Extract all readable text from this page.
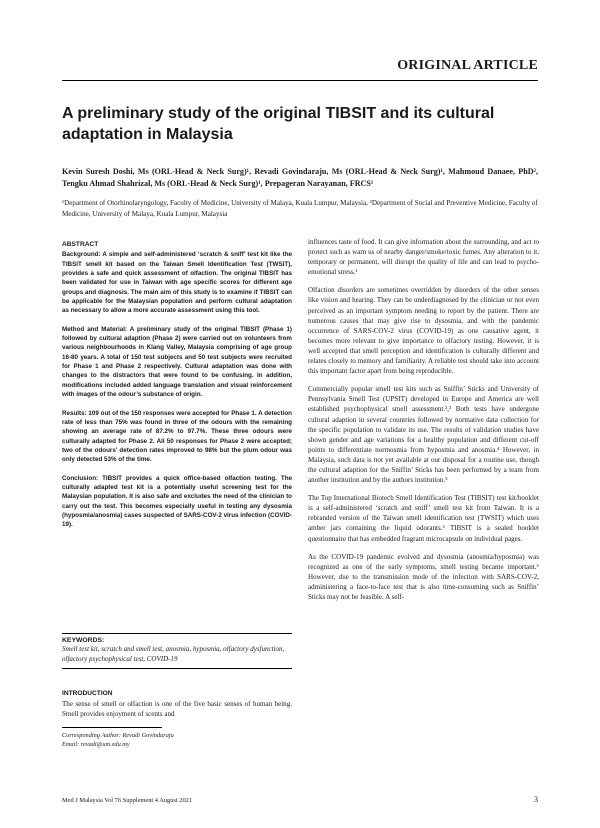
ORIGINAL ARTICLE
A preliminary study of the original TIBSIT and its cultural adaptation in Malaysia

Kevin Suresh Doshi, Ms (ORL-Head & Neck Surg)¹, Revadi Govindaraju, Ms (ORL-Head & Neck Surg)¹, Mahmoud Danaee, PhD², Tengku Ahmad Shahrizal, Ms (ORL-Head & Neck Surg)¹, Prepageran Narayanan, FRCS¹

¹Department of Otorhinolaryngology, Faculty of Medicine, University of Malaya, Kuala Lumpur, Malaysia, ²Department of Social and Preventive Medicine, Faculty of Medicine, University of Malaya, Kuala Lumpur, Malaysia

ABSTRACT

Background: A simple and self-administered ‘scratch & sniff’ test kit like the TIBSIT smell kit based on the Taiwan Smell Identification Test (TWSIT), provides a safe and quick assessment of olfaction. The original TIBSIT has been validated for use in Taiwan with age specific scores for different age groups and diagnosis. The main aim of this study is to examine if TIBSIT can be applicable for the Malaysian population and perform cultural adaptation as necessary to allow a more accurate assessment using this tool.

Method and Material: A preliminary study of the original TIBSIT (Phase 1) followed by cultural adaption (Phase 2) were carried out on volunteers from various neighbourhoods in Klang Valley, Malaysia comprising of age group 16-80 years. A total of 150 test subjects and 50 test subjects were recruited for Phase 1 and Phase 2 respectively. Cultural adaptation was done with changes to the distractors that were found to be confusing. In addition, modifications included added language translation and visual reinforcement with images of the odour’s substance of origin.

Results: 109 out of the 150 responses were accepted for Phase 1. A detection rate of less than 75% was found in three of the odours with the remaining showing an average rate of 87.2% to 97.7%. These three odours were culturally adapted for Phase 2. All 50 responses for Phase 2 were accepted; two of the odours’ detection rates improved to 98% but the plum odour was only detected 53% of the time.

Conclusion: TIBSIT provides a quick office-based olfaction testing. The culturally adapted test kit is a potentially useful screening test for the Malaysian population. It is also safe and excludes the need of the clinician to carry out the test. This becomes especially useful in testing any dysosmia (hyposmia/anosmia) cases suspected of SARS-COV-2 virus infection (COVID-19).

KEYWORDS:
Smell test kit, scratch and smell test, anosmia, hyposmia, olfactory dysfunction, olfactory psychophysical test, COVID-19
INTRODUCTION

The sense of smell or olfaction is one of the five basic senses of human being. Smell provides enjoyment of scents and

Corresponding Author: Revadi Govindaraju
Email: revadi@um.edu.my

influences taste of food. It can give information about the surrounding, and act to protect such as warn us of nearby danger/smoke/toxic fumes. Any alteration to it, temporary or permanent, will disrupt the quality of life and can lead to psycho-emotional stress.¹

Olfaction disorders are sometimes overridden by disorders of the other senses like vision and hearing. They can be underdiagnosed by the clinician or not even perceived as an important symptom needing to report by the patient. There are numerous causes that may give rise to dysosmia, and with the pandemic occurrence of SARS-COV-2 virus (COVID-19) as one causative agent, it becomes more relevant to give importance to olfactory testing. However, it is well accepted that smell perception and identification is culturally different and relates closely to memory and familiarity. A reliable test should take into account this important factor apart from being reproducible.

Commercially popular smell test kits such as Sniffin’ Sticks and University of Pennsylvania Smell Test (UPSIT) developed in Europe and America are well established psychophysical smell assessment.²,³ Both tests have undergone cultural adaption in several countries followed by normative data collection for the specific population to validate its use. The results of validation studies have shown gender and age variations for a healthy population and different cut-off points to differentiate normosmia from hyposmia and anosmia.⁴ However, in Malaysia, such data is not yet available at our disposal for a routine use, though the cultural adaption for the Sniffin’ Sticks has been performed by a team from another institution and by the authors institution.⁵

The Top International Biotech Smell Identification Test (TIBSIT) test kit/booklet is a self-administered ‘scratch and sniff’ smell test kit from Taiwan. It is a rebranded version of the Taiwan smell identification test (TWSIT) which uses amber jars containing the liquid odorants.⁶ TIBSIT is a sealed booklet questionnaire that has embedded fragrant microcapsule on individual pages.

As the COVID-19 pandemic evolved and dysosmia (anosmia/hyposmia) was recognized as one of the early symptoms, smell testing became important.⁶ However, due to the transmission mode of the infection with SARS-COV-2, administering a face-to-face test that is also time-consuming such as Sniffin’ Sticks may not be feasible. A self-

Med J Malaysia Vol 76 Supplement 4 August 2021	3
